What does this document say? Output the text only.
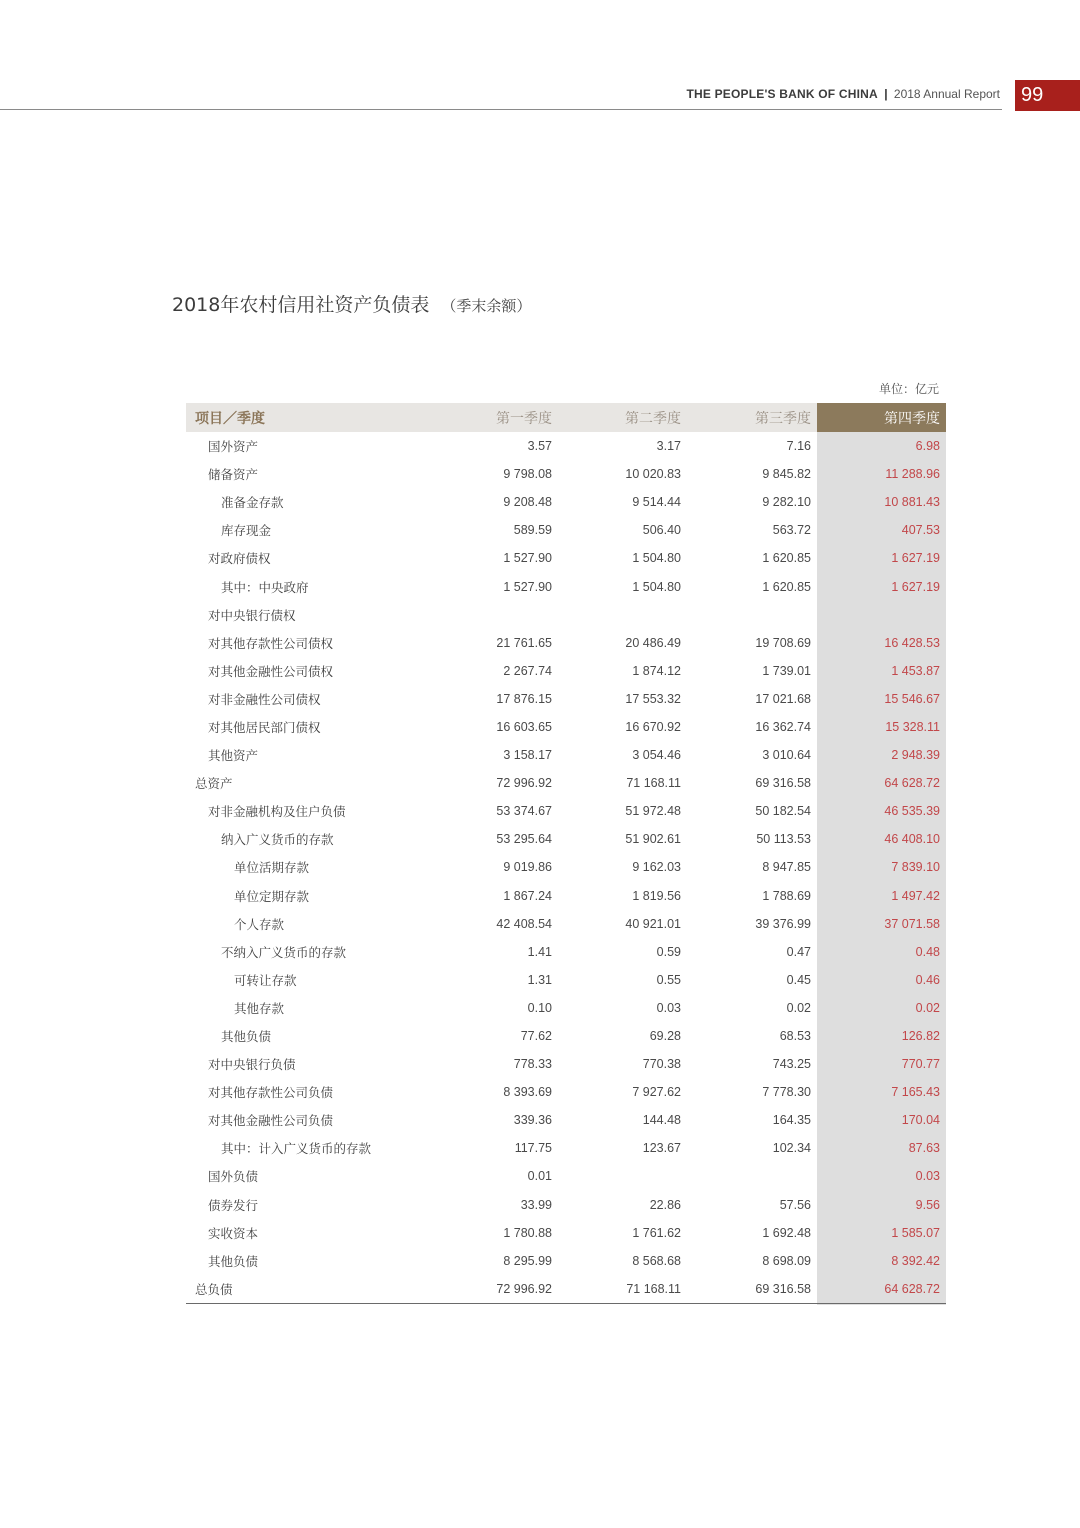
THE PEOPLE'S BANK OF CHINA | 2018 Annual Report	99
2018年农村信用社资产负债表 （季末余额）
单位：亿元
项目／季度	第一季度	第二季度	第三季度	第四季度
国外资产	3.57	3.17	7.16	6.98
储备资产	9 798.08	10 020.83	9 845.82	11 288.96
准备金存款	9 208.48	9 514.44	9 282.10	10 881.43
库存现金	589.59	506.40	563.72	407.53
对政府债权	1 527.90	1 504.80	1 620.85	1 627.19
其中：中央政府	1 527.90	1 504.80	1 620.85	1 627.19
对中央银行债权				
对其他存款性公司债权	21 761.65	20 486.49	19 708.69	16 428.53
对其他金融性公司债权	2 267.74	1 874.12	1 739.01	1 453.87
对非金融性公司债权	17 876.15	17 553.32	17 021.68	15 546.67
对其他居民部门债权	16 603.65	16 670.92	16 362.74	15 328.11
其他资产	3 158.17	3 054.46	3 010.64	2 948.39
总资产	72 996.92	71 168.11	69 316.58	64 628.72
对非金融机构及住户负债	53 374.67	51 972.48	50 182.54	46 535.39
纳入广义货币的存款	53 295.64	51 902.61	50 113.53	46 408.10
单位活期存款	9 019.86	9 162.03	8 947.85	7 839.10
单位定期存款	1 867.24	1 819.56	1 788.69	1 497.42
个人存款	42 408.54	40 921.01	39 376.99	37 071.58
不纳入广义货币的存款	1.41	0.59	0.47	0.48
可转让存款	1.31	0.55	0.45	0.46
其他存款	0.10	0.03	0.02	0.02
其他负债	77.62	69.28	68.53	126.82
对中央银行负债	778.33	770.38	743.25	770.77
对其他存款性公司负债	8 393.69	7 927.62	7 778.30	7 165.43
对其他金融性公司负债	339.36	144.48	164.35	170.04
其中：计入广义货币的存款	117.75	123.67	102.34	87.63
国外负债	0.01			0.03
债券发行	33.99	22.86	57.56	9.56
实收资本	1 780.88	1 761.62	1 692.48	1 585.07
其他负债	8 295.99	8 568.68	8 698.09	8 392.42
总负债	72 996.92	71 168.11	69 316.58	64 628.72
